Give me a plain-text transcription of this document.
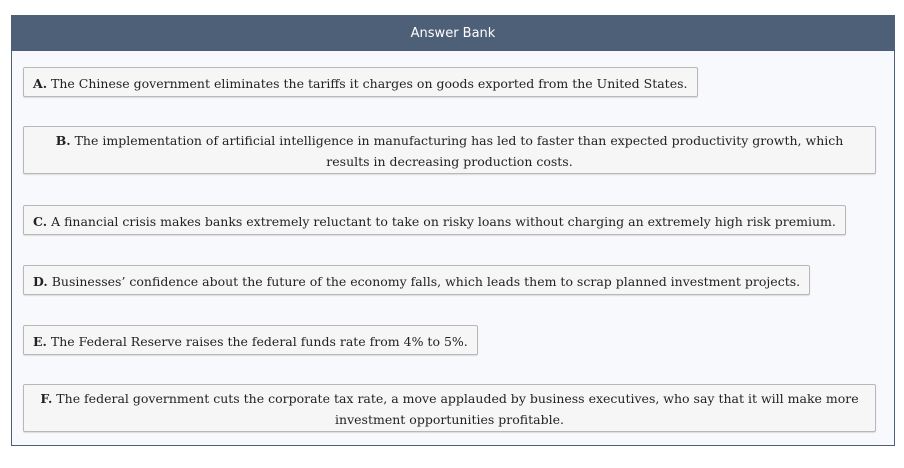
Answer Bank
A. The Chinese government eliminates the tariffs it charges on goods exported from the United States.
B. The implementation of artificial intelligence in manufacturing has led to faster than expected productivity growth, which results in decreasing production costs.
C. A financial crisis makes banks extremely reluctant to take on risky loans without charging an extremely high risk premium.
D. Businesses’ confidence about the future of the economy falls, which leads them to scrap planned investment projects.
E. The Federal Reserve raises the federal funds rate from 4% to 5%.
F. The federal government cuts the corporate tax rate, a move applauded by business executives, who say that it will make more investment opportunities profitable.
